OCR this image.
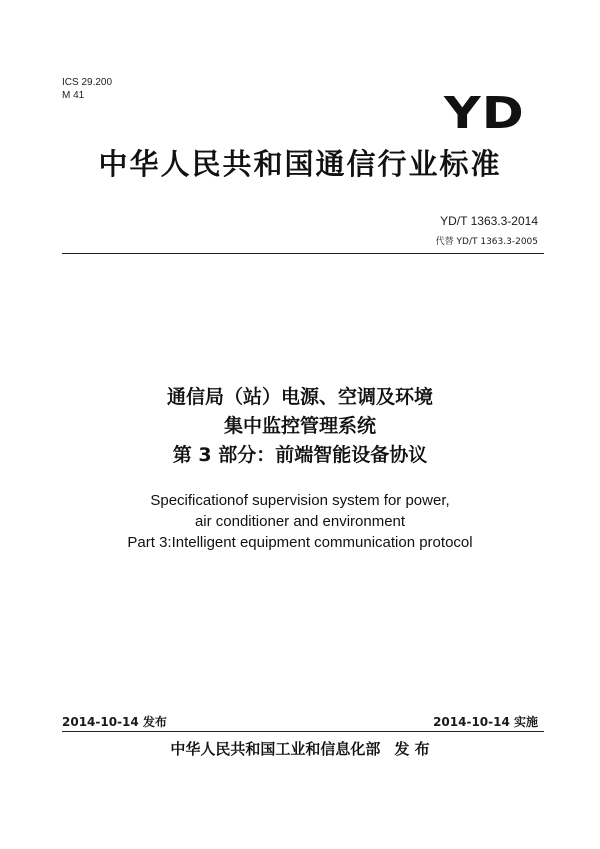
ICS 29.200
M 41	YD
中华人民共和国通信行业标准
YD/T 1363.3-2014
代替 YD/T 1363.3-2005
通信局（站）电源、空调及环境
集中监控管理系统
第 3 部分：前端智能设备协议
Specificationof supervision system for power,
air conditioner and environment
Part 3:Intelligent equipment communication protocol
2014-10-14 发布	2014-10-14 实施
中华人民共和国工业和信息化部 发 布
